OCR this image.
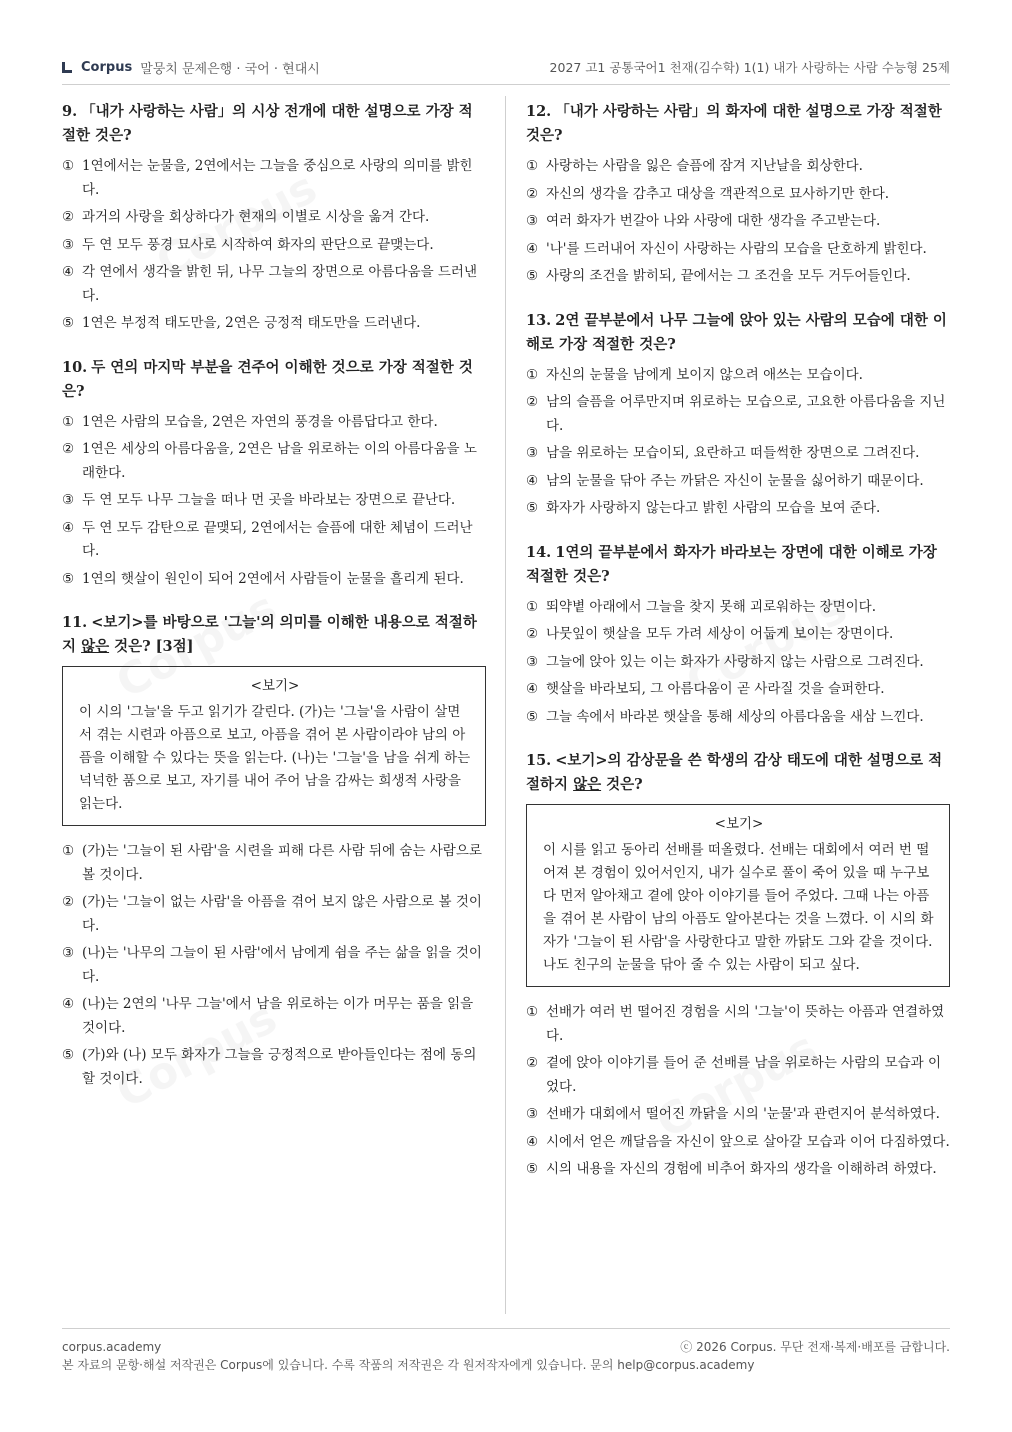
Corpus 말뭉치 문제은행 · 국어 · 현대시	2027 고1 공통국어1 천재(김수학) 1(1) 내가 사랑하는 사람 수능형 25제

9. 「내가 사랑하는 사람」의 시상 전개에 대한 설명으로 가장 적절한 것은?

① 1연에서는 눈물을, 2연에서는 그늘을 중심으로 사랑의 의미를 밝힌다.
② 과거의 사랑을 회상하다가 현재의 이별로 시상을 옮겨 간다.
③ 두 연 모두 풍경 묘사로 시작하여 화자의 판단으로 끝맺는다.
④ 각 연에서 생각을 밝힌 뒤, 나무 그늘의 장면으로 아름다움을 드러낸다.
⑤ 1연은 부정적 태도만을, 2연은 긍정적 태도만을 드러낸다.

10. 두 연의 마지막 부분을 견주어 이해한 것으로 가장 적절한 것은?

① 1연은 사람의 모습을, 2연은 자연의 풍경을 아름답다고 한다.
② 1연은 세상의 아름다움을, 2연은 남을 위로하는 이의 아름다움을 노래한다.
③ 두 연 모두 나무 그늘을 떠나 먼 곳을 바라보는 장면으로 끝난다.
④ 두 연 모두 감탄으로 끝맺되, 2연에서는 슬픔에 대한 체념이 드러난다.
⑤ 1연의 햇살이 원인이 되어 2연에서 사람들이 눈물을 흘리게 된다.

11. <보기>를 바탕으로 '그늘'의 의미를 이해한 내용으로 적절하지 않은 것은? [3점]

<보기>
이 시의 '그늘'을 두고 읽기가 갈린다. (가)는 '그늘'을 사람이 살면서 겪는 시련과 아픔으로 보고, 아픔을 겪어 본 사람이라야 남의 아픔을 이해할 수 있다는 뜻을 읽는다. (나)는 '그늘'을 남을 쉬게 하는 넉넉한 품으로 보고, 자기를 내어 주어 남을 감싸는 희생적 사랑을 읽는다.
① (가)는 '그늘이 된 사람'을 시련을 피해 다른 사람 뒤에 숨는 사람으로 볼 것이다.
② (가)는 '그늘이 없는 사람'을 아픔을 겪어 보지 않은 사람으로 볼 것이다.
③ (나)는 '나무의 그늘이 된 사람'에서 남에게 쉼을 주는 삶을 읽을 것이다.
④ (나)는 2연의 '나무 그늘'에서 남을 위로하는 이가 머무는 품을 읽을 것이다.
⑤ (가)와 (나) 모두 화자가 그늘을 긍정적으로 받아들인다는 점에 동의할 것이다.

12. 「내가 사랑하는 사람」의 화자에 대한 설명으로 가장 적절한 것은?

① 사랑하는 사람을 잃은 슬픔에 잠겨 지난날을 회상한다.
② 자신의 생각을 감추고 대상을 객관적으로 묘사하기만 한다.
③ 여러 화자가 번갈아 나와 사랑에 대한 생각을 주고받는다.
④ '나'를 드러내어 자신이 사랑하는 사람의 모습을 단호하게 밝힌다.
⑤ 사랑의 조건을 밝히되, 끝에서는 그 조건을 모두 거두어들인다.

13. 2연 끝부분에서 나무 그늘에 앉아 있는 사람의 모습에 대한 이해로 가장 적절한 것은?

① 자신의 눈물을 남에게 보이지 않으려 애쓰는 모습이다.
② 남의 슬픔을 어루만지며 위로하는 모습으로, 고요한 아름다움을 지닌다.
③ 남을 위로하는 모습이되, 요란하고 떠들썩한 장면으로 그려진다.
④ 남의 눈물을 닦아 주는 까닭은 자신이 눈물을 싫어하기 때문이다.
⑤ 화자가 사랑하지 않는다고 밝힌 사람의 모습을 보여 준다.

14. 1연의 끝부분에서 화자가 바라보는 장면에 대한 이해로 가장 적절한 것은?

① 뙤약볕 아래에서 그늘을 찾지 못해 괴로워하는 장면이다.
② 나뭇잎이 햇살을 모두 가려 세상이 어둡게 보이는 장면이다.
③ 그늘에 앉아 있는 이는 화자가 사랑하지 않는 사람으로 그려진다.
④ 햇살을 바라보되, 그 아름다움이 곧 사라질 것을 슬퍼한다.
⑤ 그늘 속에서 바라본 햇살을 통해 세상의 아름다움을 새삼 느낀다.

15. <보기>의 감상문을 쓴 학생의 감상 태도에 대한 설명으로 적절하지 않은 것은?

<보기>
이 시를 읽고 동아리 선배를 떠올렸다. 선배는 대회에서 여러 번 떨어져 본 경험이 있어서인지, 내가 실수로 풀이 죽어 있을 때 누구보다 먼저 알아채고 곁에 앉아 이야기를 들어 주었다. 그때 나는 아픔을 겪어 본 사람이 남의 아픔도 알아본다는 것을 느꼈다. 이 시의 화자가 '그늘이 된 사람'을 사랑한다고 말한 까닭도 그와 같을 것이다. 나도 친구의 눈물을 닦아 줄 수 있는 사람이 되고 싶다.
① 선배가 여러 번 떨어진 경험을 시의 '그늘'이 뜻하는 아픔과 연결하였다.
② 곁에 앉아 이야기를 들어 준 선배를 남을 위로하는 사람의 모습과 이었다.
③ 선배가 대회에서 떨어진 까닭을 시의 '눈물'과 관련지어 분석하였다.
④ 시에서 얻은 깨달음을 자신이 앞으로 살아갈 모습과 이어 다짐하였다.
⑤ 시의 내용을 자신의 경험에 비추어 화자의 생각을 이해하려 하였다.
corpus.academy	ⓒ 2026 Corpus. 무단 전재·복제·배포를 금합니다.
본 자료의 문항·해설 저작권은 Corpus에 있습니다. 수록 작품의 저작권은 각 원저작자에게 있습니다. 문의 help@corpus.academy
